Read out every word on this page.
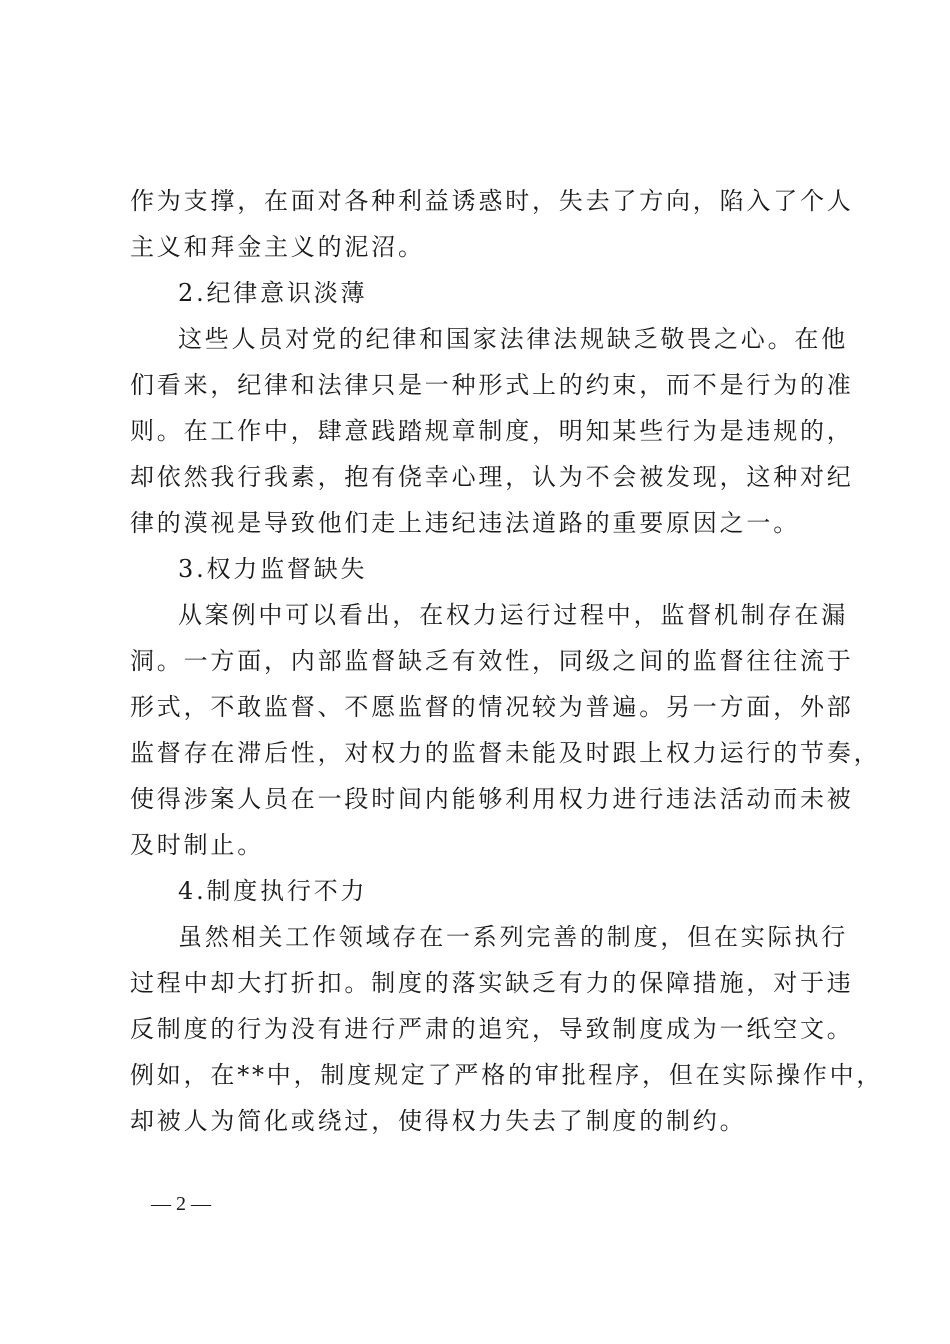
作为支撑，在面对各种利益诱惑时，失去了方向，陷入了个人
主义和拜金主义的泥沼。
2.纪律意识淡薄
这些人员对党的纪律和国家法律法规缺乏敬畏之心。在他
们看来，纪律和法律只是一种形式上的约束，而不是行为的准
则。在工作中，肆意践踏规章制度，明知某些行为是违规的，
却依然我行我素，抱有侥幸心理，认为不会被发现，这种对纪
律的漠视是导致他们走上违纪违法道路的重要原因之一。
3.权力监督缺失
从案例中可以看出，在权力运行过程中，监督机制存在漏
洞。一方面，内部监督缺乏有效性，同级之间的监督往往流于
形式，不敢监督、不愿监督的情况较为普遍。另一方面，外部
监督存在滞后性，对权力的监督未能及时跟上权力运行的节奏，
使得涉案人员在一段时间内能够利用权力进行违法活动而未被
及时制止。
4.制度执行不力
虽然相关工作领域存在一系列完善的制度，但在实际执行
过程中却大打折扣。制度的落实缺乏有力的保障措施，对于违
反制度的行为没有进行严肃的追究，导致制度成为一纸空文。
例如，在**中，制度规定了严格的审批程序，但在实际操作中，
却被人为简化或绕过，使得权力失去了制度的制约。
— 2 —
